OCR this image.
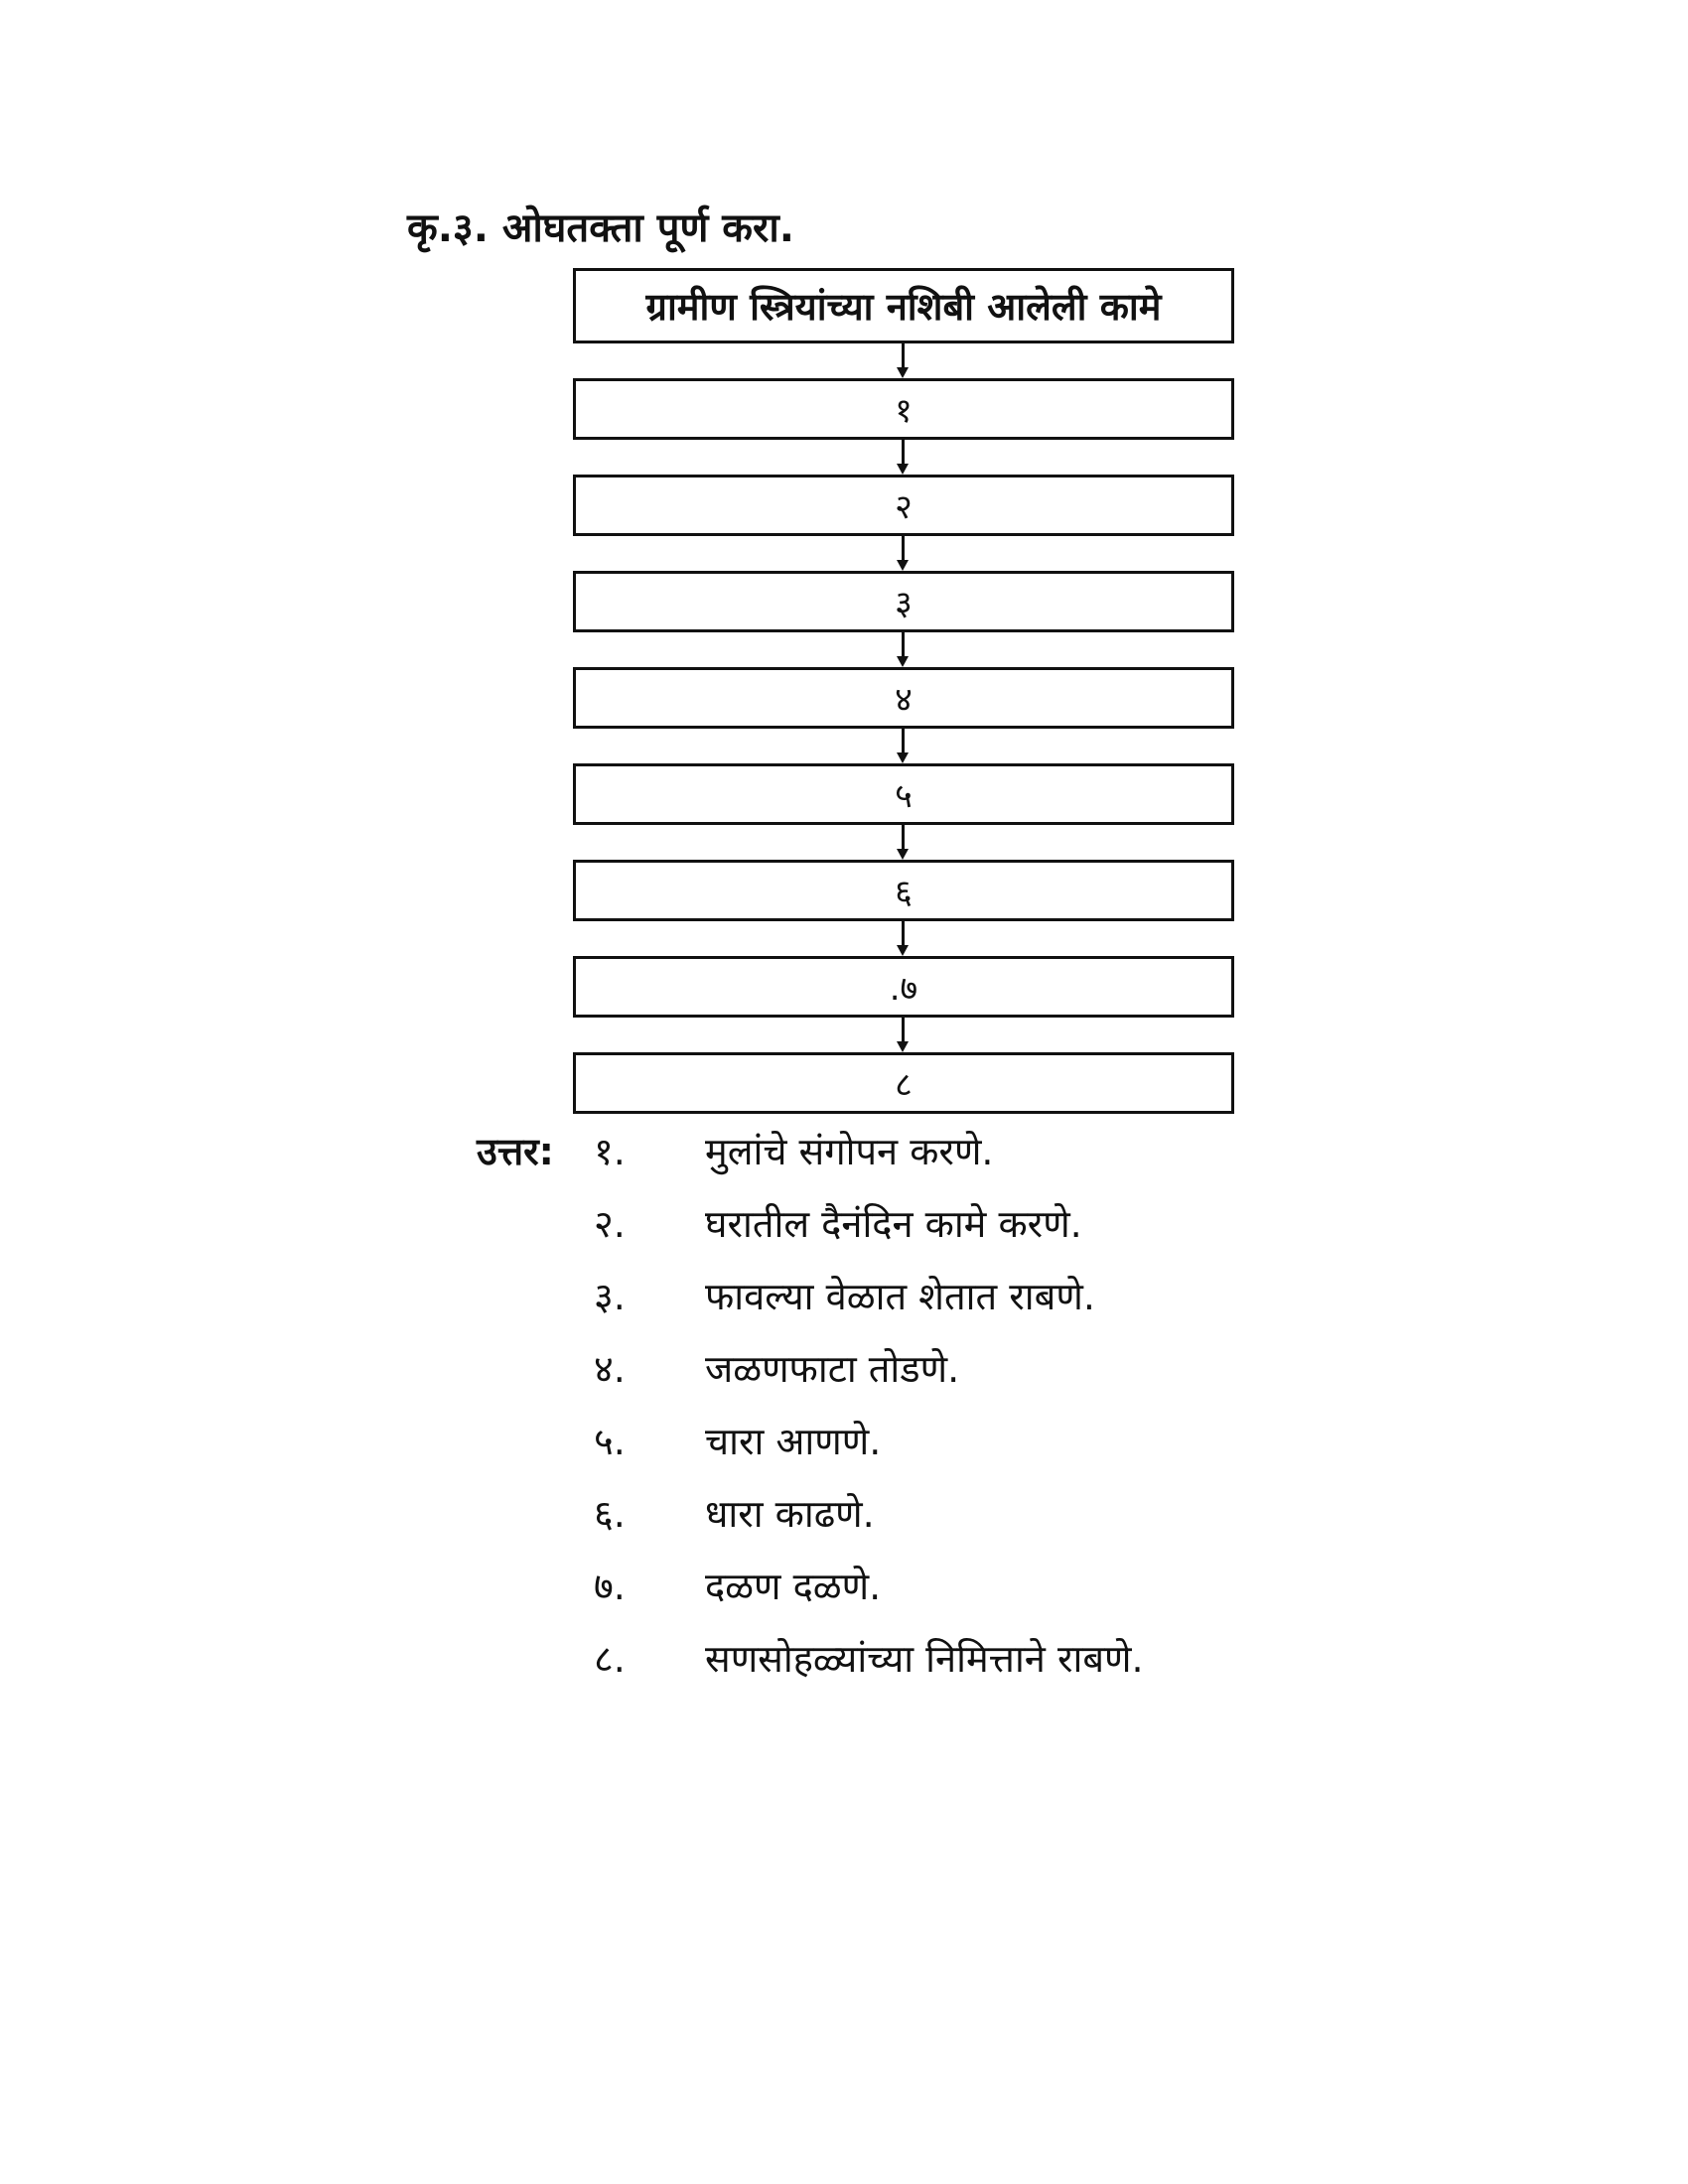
कृ.३. ओघतक्ता पूर्ण करा.
ग्रामीण स्त्रियांच्या नशिबी आलेली कामे
१
२
३
४
५
६
.७
८
उत्तर: १. मुलांचे संगोपन करणे.
२. घरातील दैनंदिन कामे करणे.
३. फावल्या वेळात शेतात राबणे.
४. जळणफाटा तोडणे.
५. चारा आणणे.
६. धारा काढणे.
७. दळण दळणे.
८. सणसोहळ्यांच्या निमित्ताने राबणे.
